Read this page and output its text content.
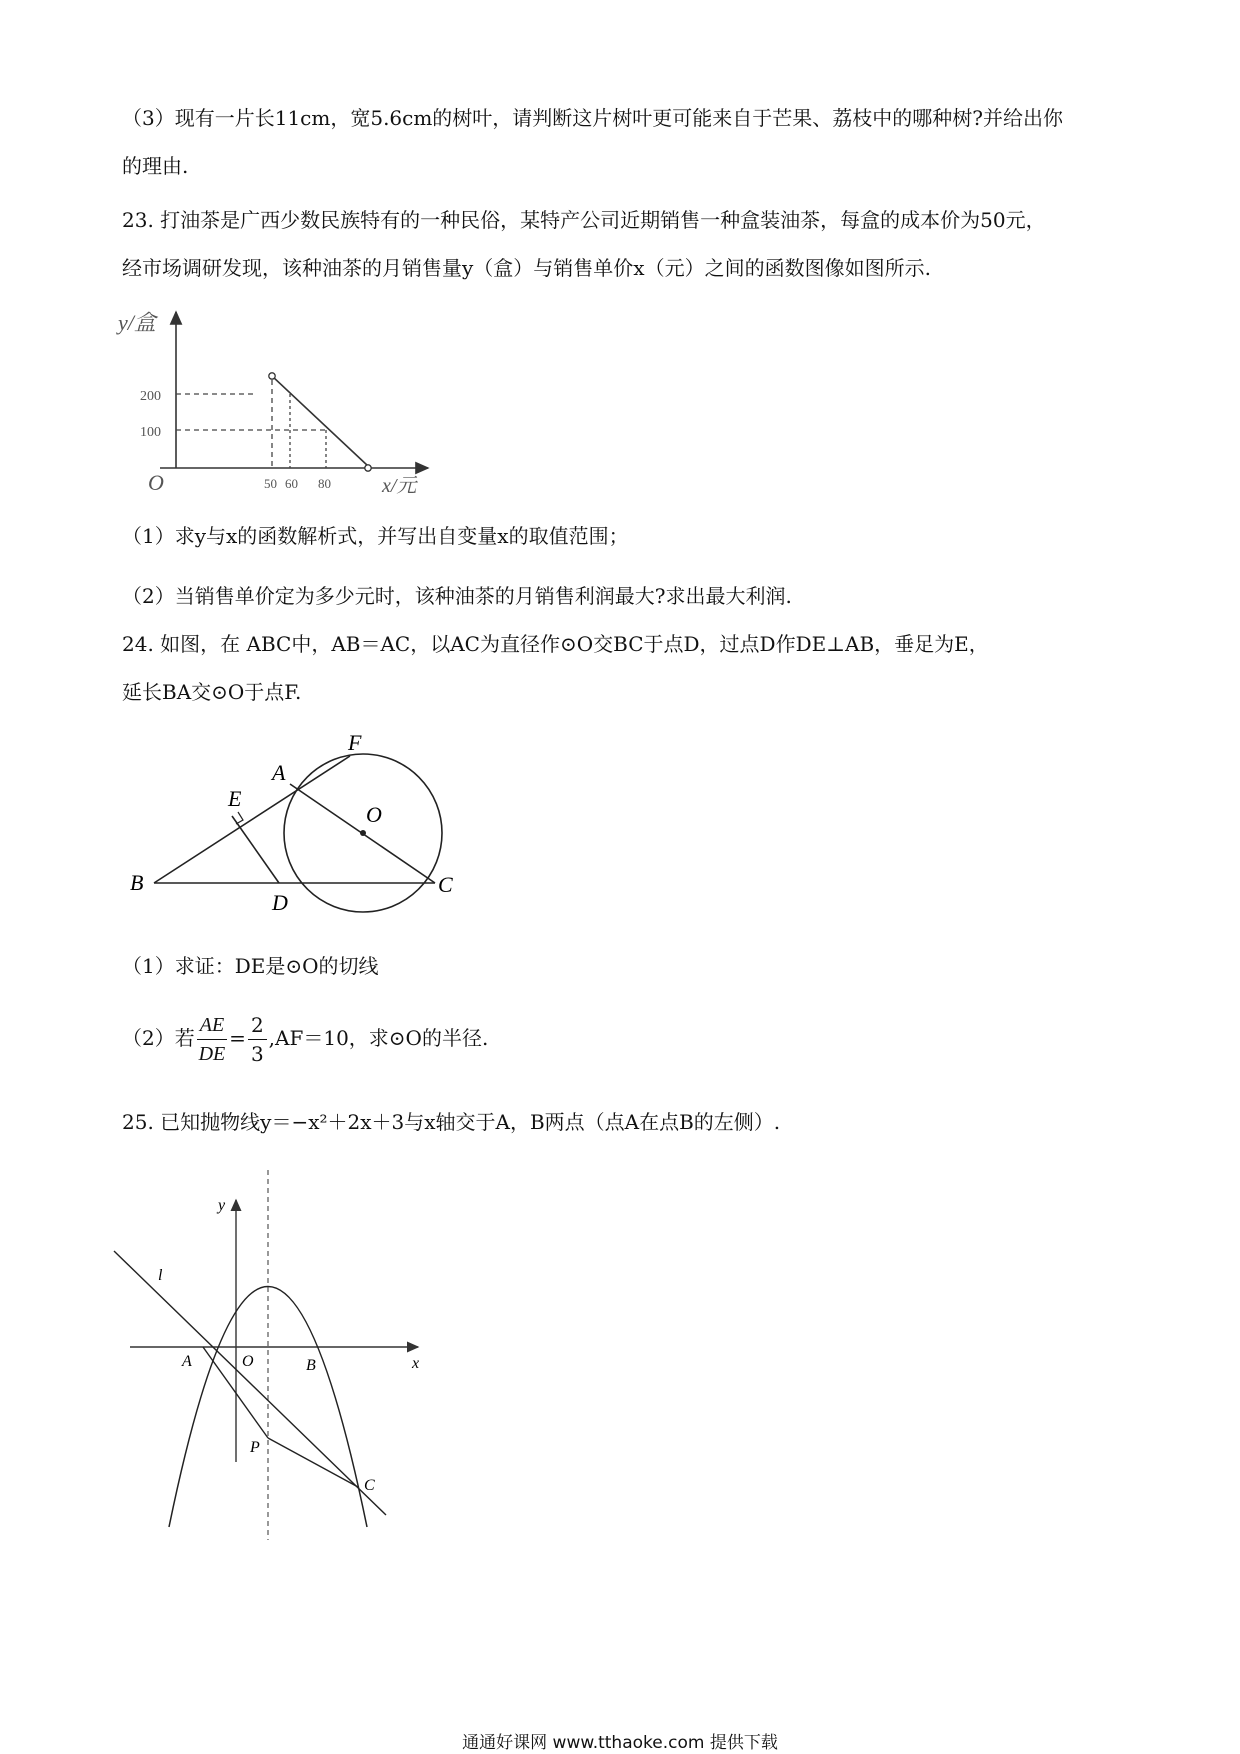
（3）现有一片长11cm，宽5.6cm的树叶，请判断这片树叶更可能来自于芒果、荔枝中的哪种树?并给出你
的理由.
23. 打油茶是广西少数民族特有的一种民俗，某特产公司近期销售一种盒装油茶，每盒的成本价为50元，
经市场调研发现，该种油茶的月销售量y（盒）与销售单价x（元）之间的函数图像如图所示.
y/盒
200
100
O	50 60 80	x/元
（1）求y与x的函数解析式，并写出自变量x的取值范围；
（2）当销售单价定为多少元时，该种油茶的月销售利润最大?求出最大利润.
24. 如图，在 ABC中，AB＝AC，以AC为直径作⊙O交BC于点D，过点D作DE⊥AB，垂足为E，
延长BA交⊙O于点F.
F
A
E
O
B
D
C
（1）求证：DE是⊙O的切线
（2）若 $\frac{AE}{DE} = \frac{2}{3} ,AF=10$，求⊙O的半径.
25. 已知抛物线y＝−x²＋2x＋3与x轴交于A，B两点（点A在点B的左侧）.
y
x
l
A	O	B
P
C
通通好课网 www.tthaoke.com 提供下载
